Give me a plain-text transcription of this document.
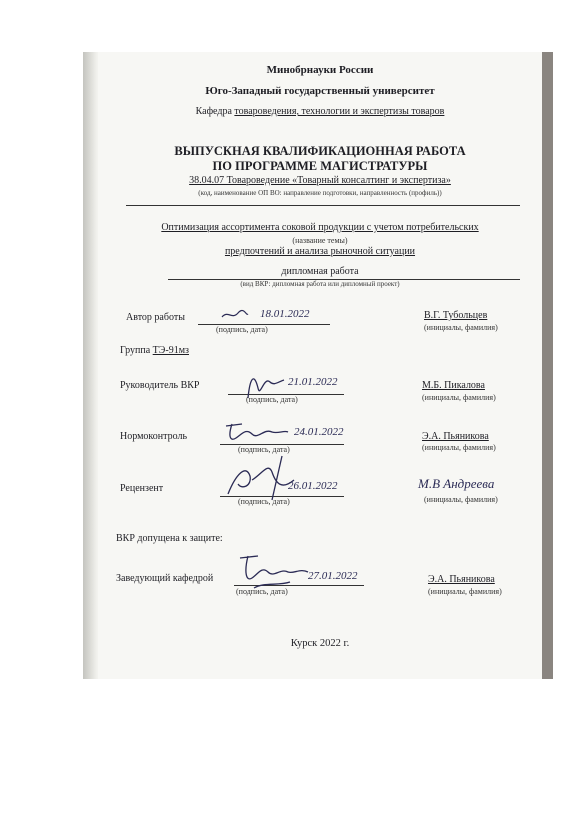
Минобрнауки России
Юго-Западный государственный университет
Кафедра товароведения, технологии и экспертизы товаров
ВЫПУСКНАЯ КВАЛИФИКАЦИОННАЯ РАБОТА
ПО ПРОГРАММЕ МАГИСТРАТУРЫ
38.04.07 Товароведение «Товарный консалтинг и экспертиза»
(код, наименование ОП ВО: направление подготовки, направленность (профиль))
Оптимизация ассортимента соковой продукции с учетом потребительских
(название темы)
предпочтений и анализа рыночной ситуации
дипломная работа
(вид ВКР: дипломная работа или дипломный проект)
Автор работы	18.01.2022
(подпись, дата)
В.Г. Тубольцев
(инициалы, фамилия)
Группа ТЭ-91мз
Руководитель ВКР	21.01.2022
(подпись, дата)
М.Б. Пикалова
(инициалы, фамилия)
Нормоконтроль	24.01.2022
(подпись, дата)
Э.А. Пьяникова
(инициалы, фамилия)
Рецензент	26.01.2022
(подпись, дата)
М.В Андреева
(инициалы, фамилия)
ВКР допущена к защите:
Заведующий кафедрой	27.01.2022
(подпись, дата)
Э.А. Пьяникова
(инициалы, фамилия)
Курск 2022 г.
